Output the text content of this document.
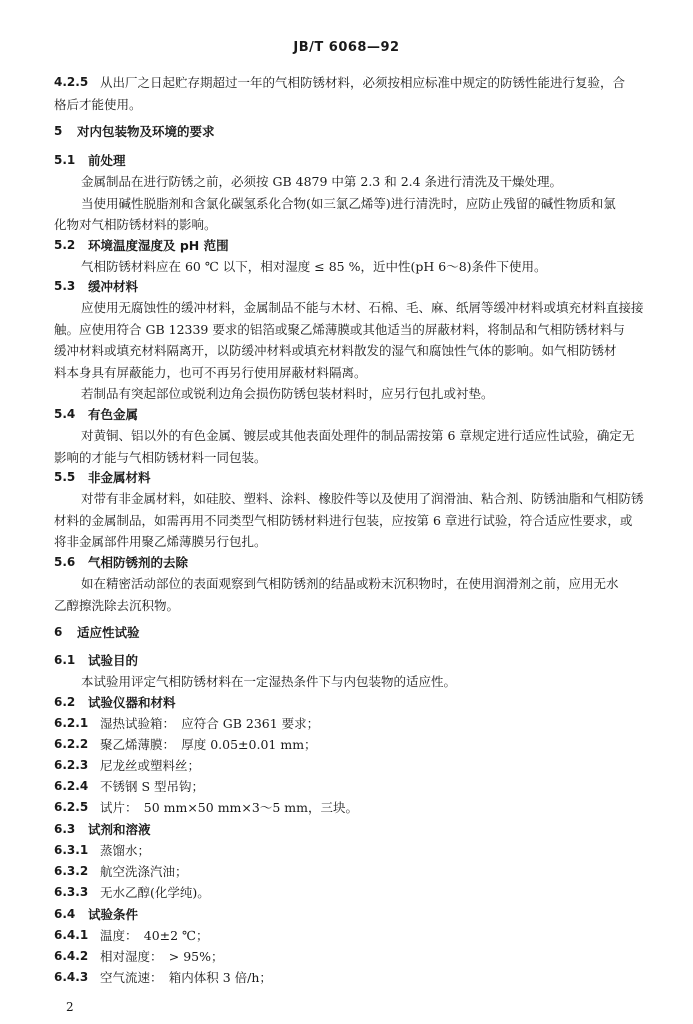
JB/T 6068—92
4.2.5 从出厂之日起贮存期超过一年的气相防锈材料，必须按相应标准中规定的防锈性能进行复验，合
格后才能使用。
5 对内包装物及环境的要求
5.1 前处理
金属制品在进行防锈之前，必须按 GB 4879 中第 2.3 和 2.4 条进行清洗及干燥处理。
当使用碱性脱脂剂和含氯化碳氢系化合物(如三氯乙烯等)进行清洗时，应防止残留的碱性物质和氯
化物对气相防锈材料的影响。
5.2 环境温度湿度及 pH 范围
气相防锈材料应在 60 ℃ 以下，相对湿度 ≤ 85 %，近中性(pH 6～8)条件下使用。
5.3 缓冲材料
应使用无腐蚀性的缓冲材料，金属制品不能与木材、石棉、毛、麻、纸屑等缓冲材料或填充材料直接接
触。应使用符合 GB 12339 要求的铝箔或聚乙烯薄膜或其他适当的屏蔽材料，将制品和气相防锈材料与
缓冲材料或填充材料隔离开，以防缓冲材料或填充材料散发的湿气和腐蚀性气体的影响。如气相防锈材
料本身具有屏蔽能力，也可不再另行使用屏蔽材料隔离。
若制品有突起部位或锐利边角会损伤防锈包装材料时，应另行包扎或衬垫。
5.4 有色金属
对黄铜、铝以外的有色金属、镀层或其他表面处理件的制品需按第 6 章规定进行适应性试验，确定无
影响的才能与气相防锈材料一同包装。
5.5 非金属材料
对带有非金属材料，如硅胶、塑料、涂料、橡胶件等以及使用了润滑油、粘合剂、防锈油脂和气相防锈
材料的金属制品，如需再用不同类型气相防锈材料进行包装，应按第 6 章进行试验，符合适应性要求，或
将非金属部件用聚乙烯薄膜另行包扎。
5.6 气相防锈剂的去除
如在精密活动部位的表面观察到气相防锈剂的结晶或粉末沉积物时，在使用润滑剂之前，应用无水
乙醇擦洗除去沉积物。
6 适应性试验
6.1 试验目的
本试验用评定气相防锈材料在一定湿热条件下与内包装物的适应性。
6.2 试验仪器和材料
6.2.1 湿热试验箱：　应符合 GB 2361 要求；
6.2.2 聚乙烯薄膜：　厚度 0.05±0.01 mm；
6.2.3 尼龙丝或塑料丝；
6.2.4 不锈钢 S 型吊钩；
6.2.5 试片：　50 mm×50 mm×3～5 mm，三块。
6.3 试剂和溶液
6.3.1 蒸馏水；
6.3.2 航空洗涤汽油；
6.3.3 无水乙醇(化学纯)。
6.4 试验条件
6.4.1 温度：　40±2 ℃；
6.4.2 相对湿度：　> 95%；
6.4.3 空气流速：　箱内体积 3 倍/h；
2
